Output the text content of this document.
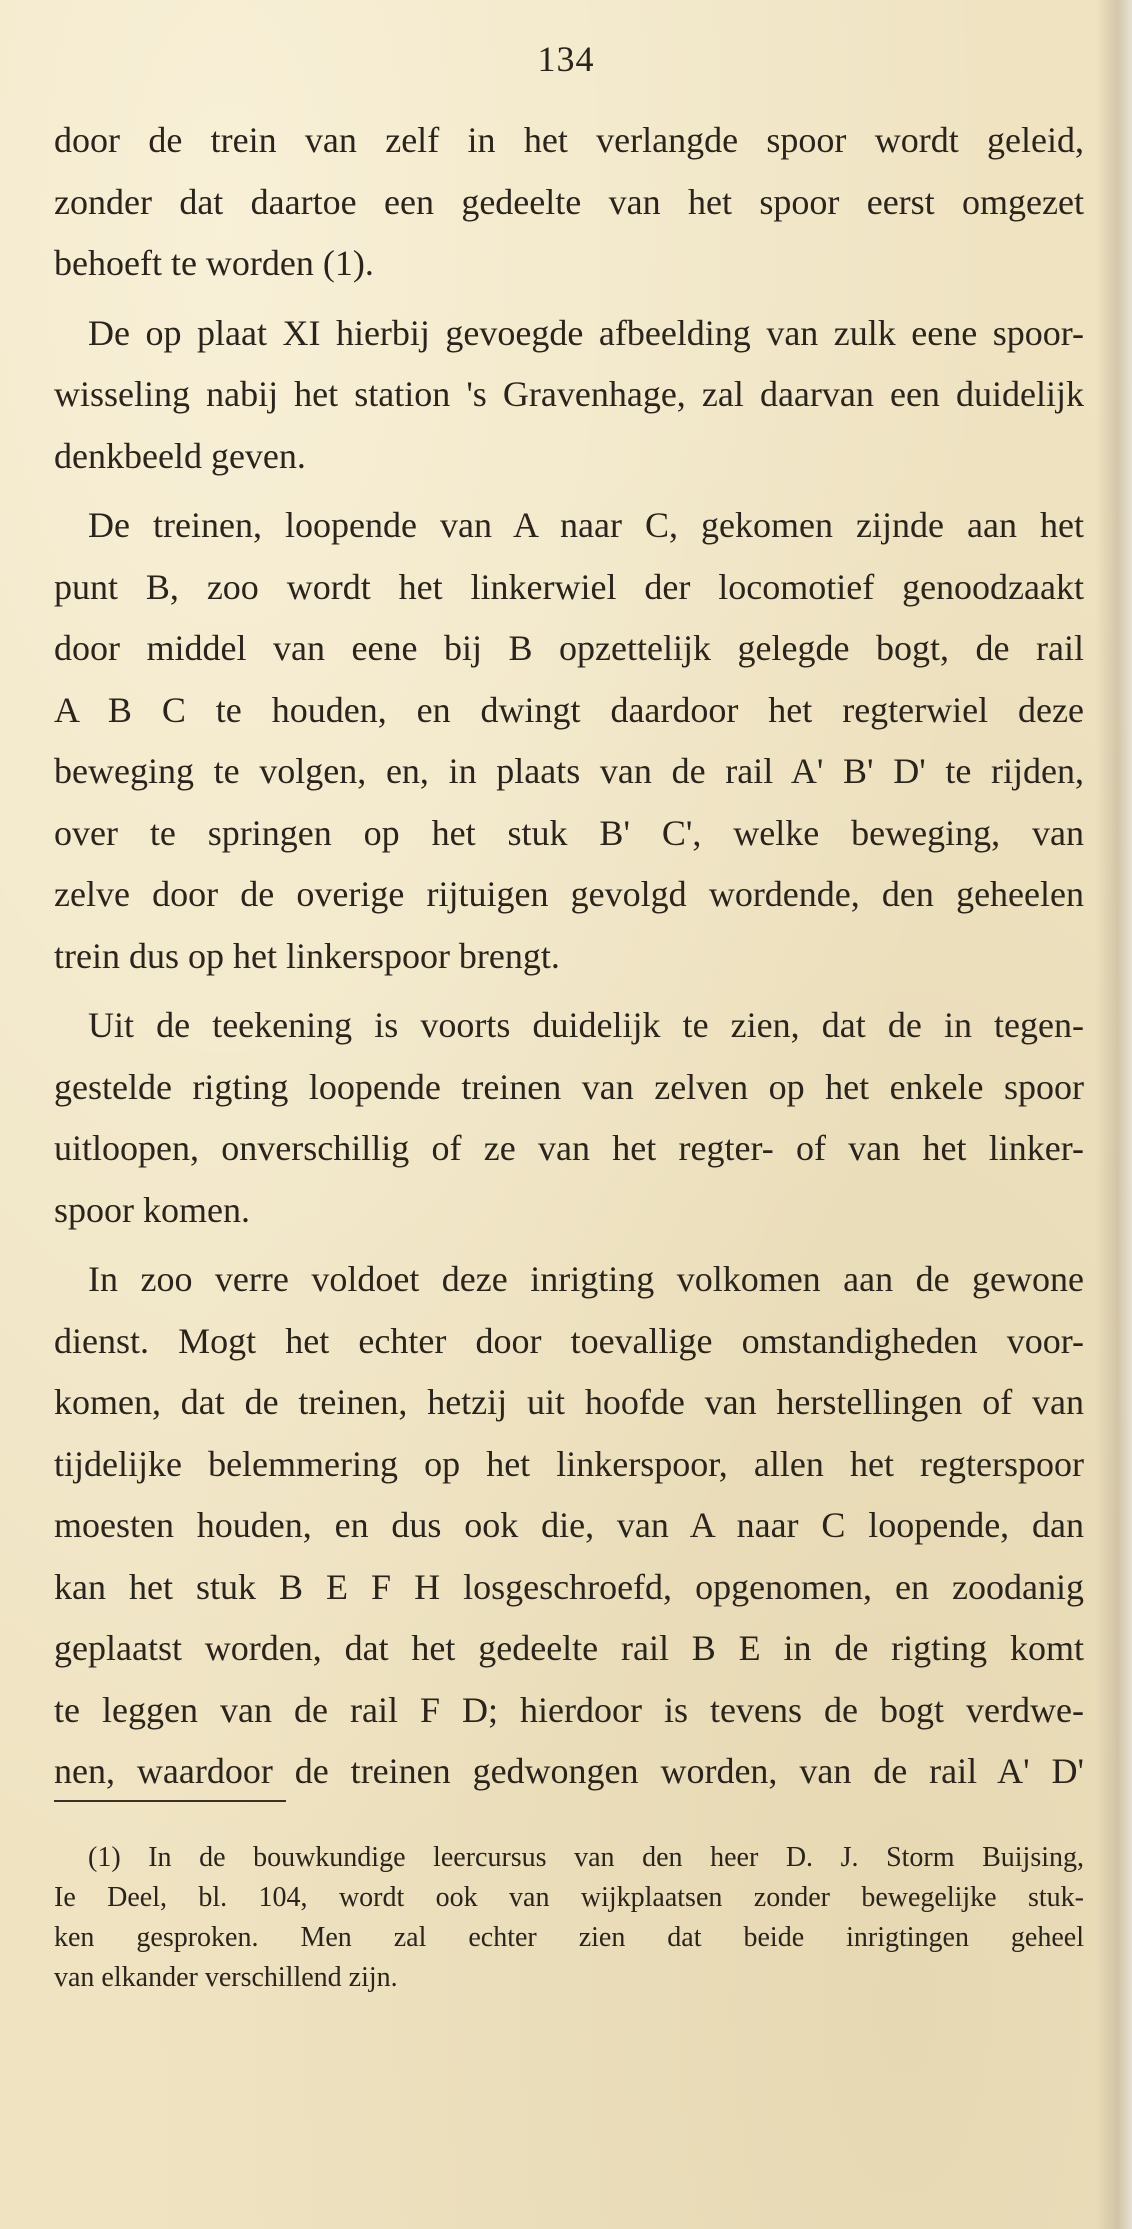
134

door de trein van zelf in het verlangde spoor wordt geleid,
zonder dat daartoe een gedeelte van het spoor eerst omgezet
behoeft te worden (1).

De op plaat XI hierbij gevoegde afbeelding van zulk eene spoor-
wisseling nabij het station 's Gravenhage, zal daarvan een duidelijk
denkbeeld geven.

De treinen, loopende van A naar C, gekomen zijnde aan het
punt B, zoo wordt het linkerwiel der locomotief genoodzaakt
door middel van eene bij B opzettelijk gelegde bogt, de rail
A B C te houden, en dwingt daardoor het regterwiel deze
beweging te volgen, en, in plaats van de rail A' B' D' te rijden,
over te springen op het stuk B' C', welke beweging, van
zelve door de overige rijtuigen gevolgd wordende, den geheelen
trein dus op het linkerspoor brengt.

Uit de teekening is voorts duidelijk te zien, dat de in tegen-
gestelde rigting loopende treinen van zelven op het enkele spoor
uitloopen, onverschillig of ze van het regter- of van het linker-
spoor komen.

In zoo verre voldoet deze inrigting volkomen aan de gewone
dienst. Mogt het echter door toevallige omstandigheden voor-
komen, dat de treinen, hetzij uit hoofde van herstellingen of van
tijdelijke belemmering op het linkerspoor, allen het regterspoor
moesten houden, en dus ook die, van A naar C loopende, dan
kan het stuk B E F H losgeschroefd, opgenomen, en zoodanig
geplaatst worden, dat het gedeelte rail B E in de rigting komt
te leggen van de rail F D; hierdoor is tevens de bogt verdwe-
nen, waardoor de treinen gedwongen worden, van de rail A' D'

(1) In de bouwkundige leercursus van den heer D. J. Storm Buijsing,
Ie Deel, bl. 104, wordt ook van wijkplaatsen zonder bewegelijke stuk-
ken gesproken. Men zal echter zien dat beide inrigtingen geheel
van elkander verschillend zijn.
